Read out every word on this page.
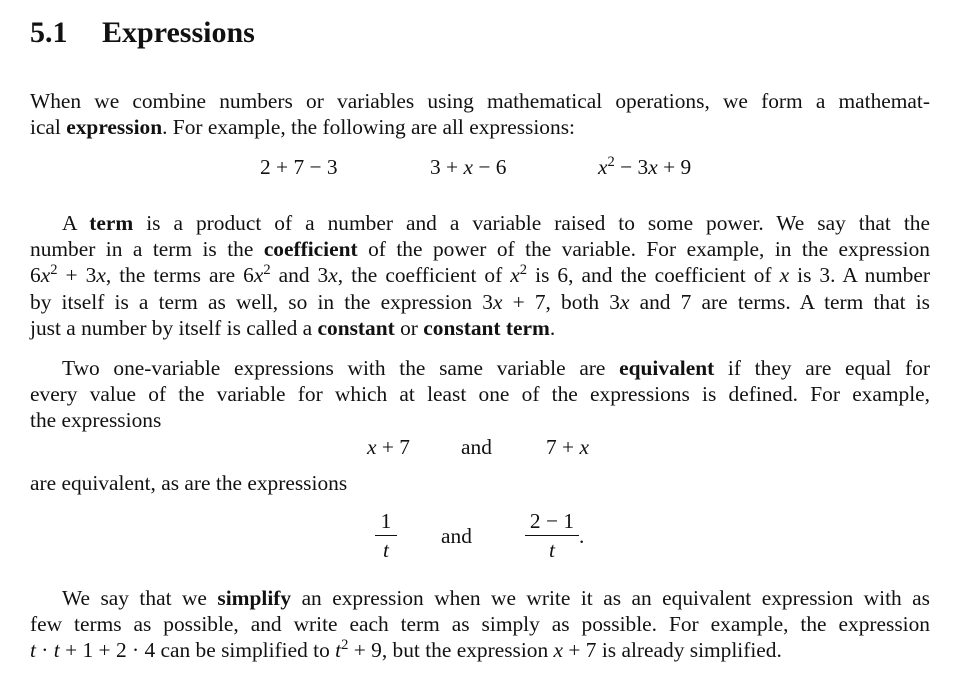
5.1 Expressions
When we combine numbers or variables using mathematical operations, we form a mathemat-
ical expression. For example, the following are all expressions:
2 + 7 − 3	3 + x − 6	$x^2 - 3x + 9$
A term is a product of a number and a variable raised to some power. We say that the
number in a term is the coefficient of the power of the variable. For example, in the expression
$6x^2 + 3x$, the terms are $6x^2$ and 3x, the coefficient of $x^2$ is 6, and the coefficient of x is 3. A number
by itself is a term as well, so in the expression 3x + 7, both 3x and 7 are terms. A term that is
just a number by itself is called a constant or constant term.
Two one-variable expressions with the same variable are equivalent if they are equal for
every value of the variable for which at least one of the expressions is defined. For example,
the expressions
x + 7 and	7 + x
are equivalent, as are the expressions
1
t
and
2 − 1
t
.
We say that we simplify an expression when we write it as an equivalent expression with as
few terms as possible, and write each term as simply as possible. For example, the expression
t · t + 1 + 2 · 4 can be simplified to $t^2 + 9$, but the expression x + 7 is already simplified.
